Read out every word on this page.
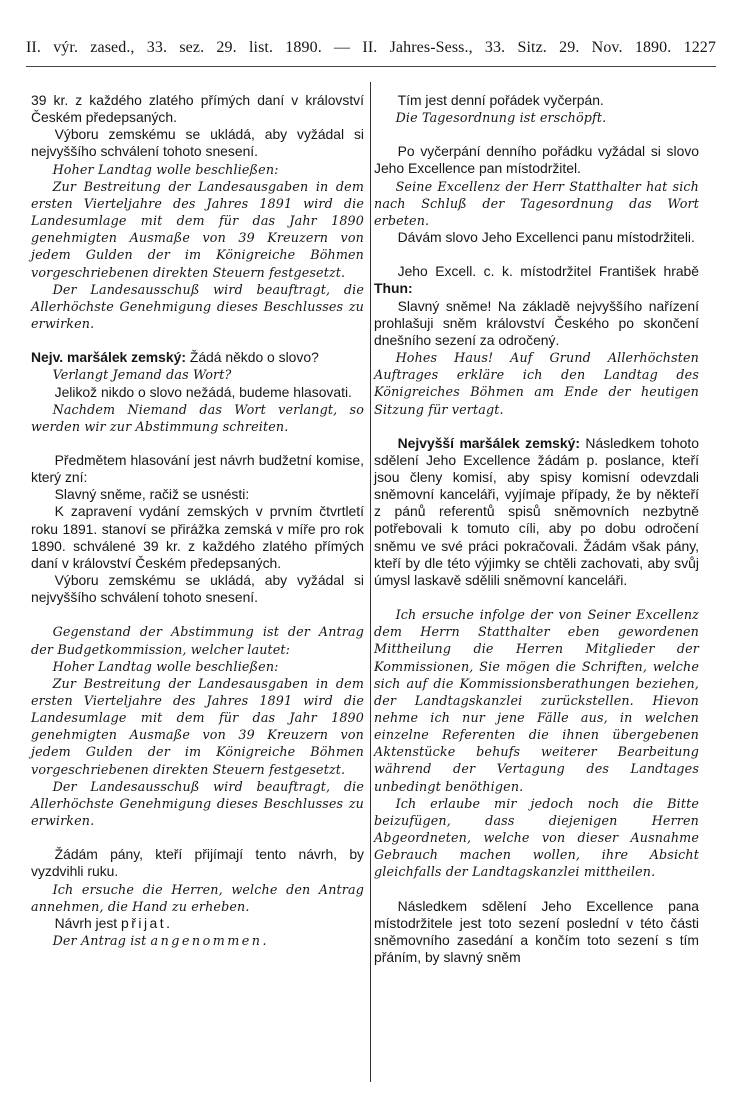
II. výr. zased., 33. sez. 29. list. 1890. — II. Jahres-Sess., 33. Sitz. 29. Nov. 1890. 1227

39 kr. z každého zlatého přímých daní v království Českém předepsaných.

Výboru zemskému se ukládá, aby vyžádal si nejvyššího schválení tohoto snesení.

Hoher Landtag wolle beschließen:

Zur Bestreitung der Landesausgaben in dem ersten Vierteljahre des Jahres 1891 wird die Landesumlage mit dem für das Jahr 1890 genehmigten Ausmaße von 39 Kreuzern von jedem Gulden der im Königreiche Böhmen vorgeschriebenen direkten Steuern festgesetzt.

Der Landesausschuß wird beauftragt, die Allerhöchste Genehmigung dieses Beschlusses zu erwirken.

Nejv. maršálek zemský: Žádá někdo o slovo?

Verlangt Jemand das Wort?

Jelikož nikdo o slovo nežádá, budeme hlasovati.

Nachdem Niemand das Wort verlangt, so werden wir zur Abstimmung schreiten.

Předmětem hlasování jest návrh budžetní komise, který zní:

Slavný sněme, račiž se usnésti:

K zapravení vydání zemských v prvním čtvrtletí roku 1891. stanoví se přirážka zemská v míře pro rok 1890. schválené 39 kr. z každého zlatého přímých daní v království Českém předepsaných.

Výboru zemskému se ukládá, aby vyžádal si nejvyššího schválení tohoto snesení.

Gegenstand der Abstimmung ist der Antrag der Budgetkommission, welcher lautet:

Hoher Landtag wolle beschließen:

Zur Bestreitung der Landesausgaben in dem ersten Vierteljahre des Jahres 1891 wird die Landesumlage mit dem für das Jahr 1890 genehmigten Ausmaße von 39 Kreuzern von jedem Gulden der im Königreiche Böhmen vorgeschriebenen direkten Steuern festgesetzt.

Der Landesausschuß wird beauftragt, die Allerhöchste Genehmigung dieses Beschlusses zu erwirken.

Žádám pány, kteří přijímají tento návrh, by vyzdvihli ruku.

Ich ersuche die Herren, welche den Antrag annehmen, die Hand zu erheben.

Návrh jest přijat.

Der Antrag ist angenommen.

Tím jest denní pořádek vyčerpán.

Die Tagesordnung ist erschöpft.

Po vyčerpání denního pořádku vyžádal si slovo Jeho Excellence pan místodržitel.

Seine Excellenz der Herr Statthalter hat sich nach Schluß der Tagesordnung das Wort erbeten.

Dávám slovo Jeho Excellenci panu místodržiteli.

Jeho Excell. c. k. místodržitel František hrabě Thun:

Slavný sněme! Na základě nejvyššího nařízení prohlašuji sněm království Českého po skončení dnešního sezení za odročený.

Hohes Haus! Auf Grund Allerhöchsten Auftrages erkläre ich den Landtag des Königreiches Böhmen am Ende der heutigen Sitzung für vertagt.

Nejvyšší maršálek zemský: Následkem tohoto sdělení Jeho Excellence žádám p. poslance, kteří jsou členy komisí, aby spisy komisní odevzdali sněmovní kanceláři, vyjímaje případy, že by někteří z pánů referentů spisů sněmovních nezbytně potřebovali k tomuto cíli, aby po dobu odročení sněmu ve své práci pokračovali. Žádám však pány, kteří by dle této výjimky se chtěli zachovati, aby svůj úmysl laskavě sdělili sněmovní kanceláři.

Ich ersuche infolge der von Seiner Excellenz dem Herrn Statthalter eben gewordenen Mittheilung die Herren Mitglieder der Kommissionen, Sie mögen die Schriften, welche sich auf die Kommissionsberathungen beziehen, der Landtagskanzlei zurückstellen. Hievon nehme ich nur jene Fälle aus, in welchen einzelne Referenten die ihnen übergebenen Aktenstücke behufs weiterer Bearbeitung während der Vertagung des Landtages unbedingt benöthigen.

Ich erlaube mir jedoch noch die Bitte beizufügen, dass diejenigen Herren Abgeordneten, welche von dieser Ausnahme Gebrauch machen wollen, ihre Absicht gleichfalls der Landtagskanzlei mittheilen.

Následkem sdělení Jeho Excellence pana místodržitele jest toto sezení poslední v této části sněmovního zasedání a končím toto sezení s tím přáním, by slavný sněm
